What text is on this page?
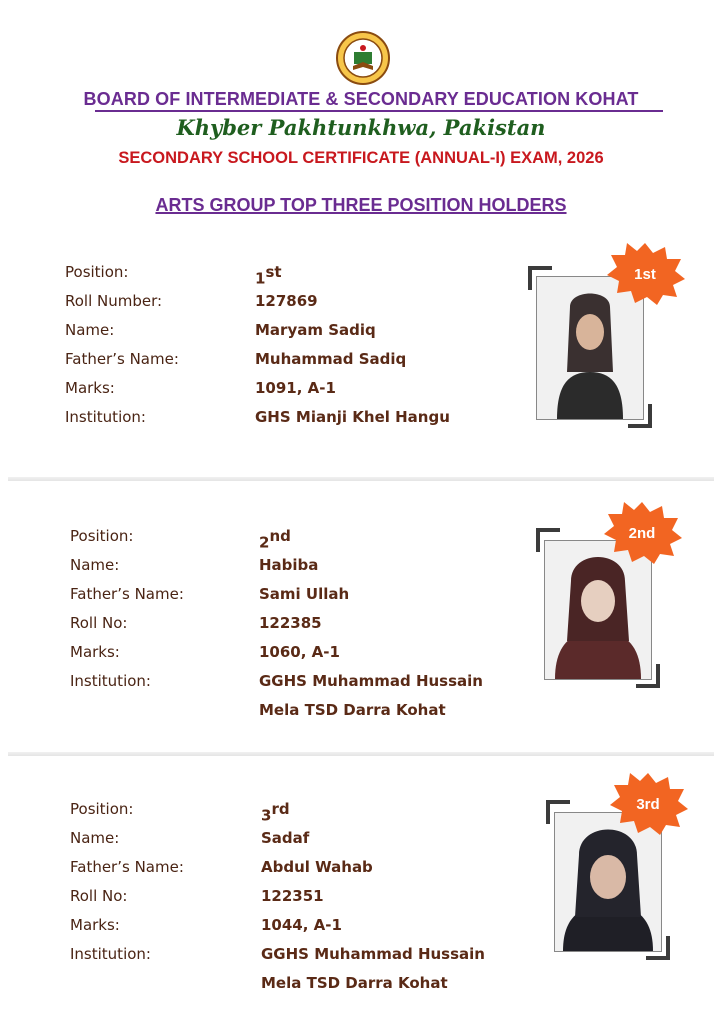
BOARD OF INTERMEDIATE & SECONDARY EDUCATION KOHAT
Khyber Pakhtunkhwa, Pakistan
SECONDARY SCHOOL CERTIFICATE (ANNUAL-I) EXAM, 2026
ARTS GROUP TOP THREE POSITION HOLDERS
Position:	1st
Roll Number:	127869
Name:	Maryam Sadiq
Father’s Name:	Muhammad Sadiq
Marks:	1091, A-1
Institution:	GHS Mianji Khel Hangu
1st
Position:	2nd
Name:	Habiba
Father’s Name:	Sami Ullah
Roll No:	122385
Marks:	1060, A-1
Institution:	GGHS Muhammad Hussain
Mela TSD Darra Kohat
2nd
Position:	3rd
Name:	Sadaf
Father’s Name:	Abdul Wahab
Roll No:	122351
Marks:	1044, A-1
Institution:	GGHS Muhammad Hussain
Mela TSD Darra Kohat
3rd
